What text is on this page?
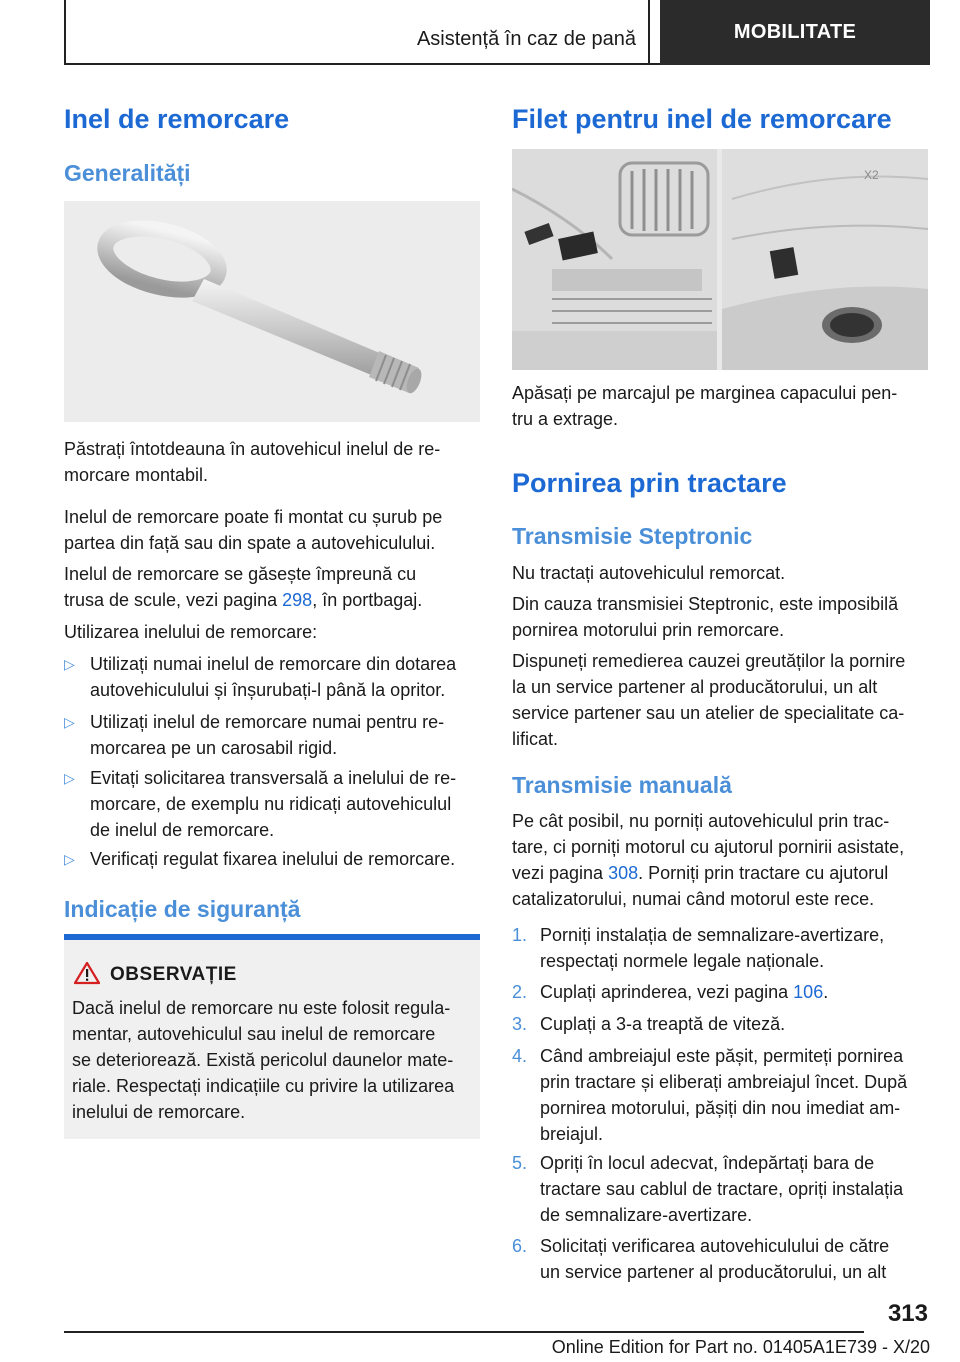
Asistență în caz de pană	MOBILITATE
Inel de remorcare
Generalități

Păstrați întotdeauna în autovehicul inelul de re-
morcare montabil.

Inelul de remorcare poate fi montat cu șurub pe
partea din față sau din spate a autovehiculului.

Inelul de remorcare se găsește împreună cu
trusa de scule, vezi pagina 298, în portbagaj.

Utilizarea inelului de remorcare:

▷ Utilizați numai inelul de remorcare din dotarea
autovehiculului și înșurubați-l până la opritor.
▷ Utilizați inelul de remorcare numai pentru re-
morcarea pe un carosabil rigid.
▷ Evitați solicitarea transversală a inelului de re-
morcare, de exemplu nu ridicați autovehiculul
de inelul de remorcare.
▷ Verificați regulat fixarea inelului de remorcare.
Indicație de siguranță
OBSERVAȚIE

Dacă inelul de remorcare nu este folosit regula-
mentar, autovehiculul sau inelul de remorcare
se deteriorează. Există pericolul daunelor mate-
riale. Respectați indicațiile cu privire la utilizarea
inelului de remorcare.

Filet pentru inel de remorcare
X2

Apăsați pe marcajul pe marginea capacului pen-
tru a extrage.

Pornirea prin tractare
Transmisie Steptronic

Nu tractați autovehiculul remorcat.

Din cauza transmisiei Steptronic, este imposibilă
pornirea motorului prin remorcare.

Dispuneți remedierea cauzei greutăților la pornire
la un service partener al producătorului, un alt
service partener sau un atelier de specialitate ca-
lificat.

Transmisie manuală

Pe cât posibil, nu porniți autovehiculul prin trac-
tare, ci porniți motorul cu ajutorul pornirii asistate,
vezi pagina 308. Porniți prin tractare cu ajutorul
catalizatorului, numai când motorul este rece.

1. Porniți instalația de semnalizare-avertizare,
respectați normele legale naționale.
2. Cuplați aprinderea, vezi pagina 106.
3. Cuplați a 3-a treaptă de viteză.
4. Când ambreiajul este pășit, permiteți pornirea
prin tractare și eliberați ambreiajul încet. După
pornirea motorului, pășiți din nou imediat am-
breiajul.
5. Opriți în locul adecvat, îndepărtați bara de
tractare sau cablul de tractare, opriți instalația
de semnalizare-avertizare.
6. Solicitați verificarea autovehiculului de către
un service partener al producătorului, un alt
313
Online Edition for Part no. 01405A1E739 - X/20
